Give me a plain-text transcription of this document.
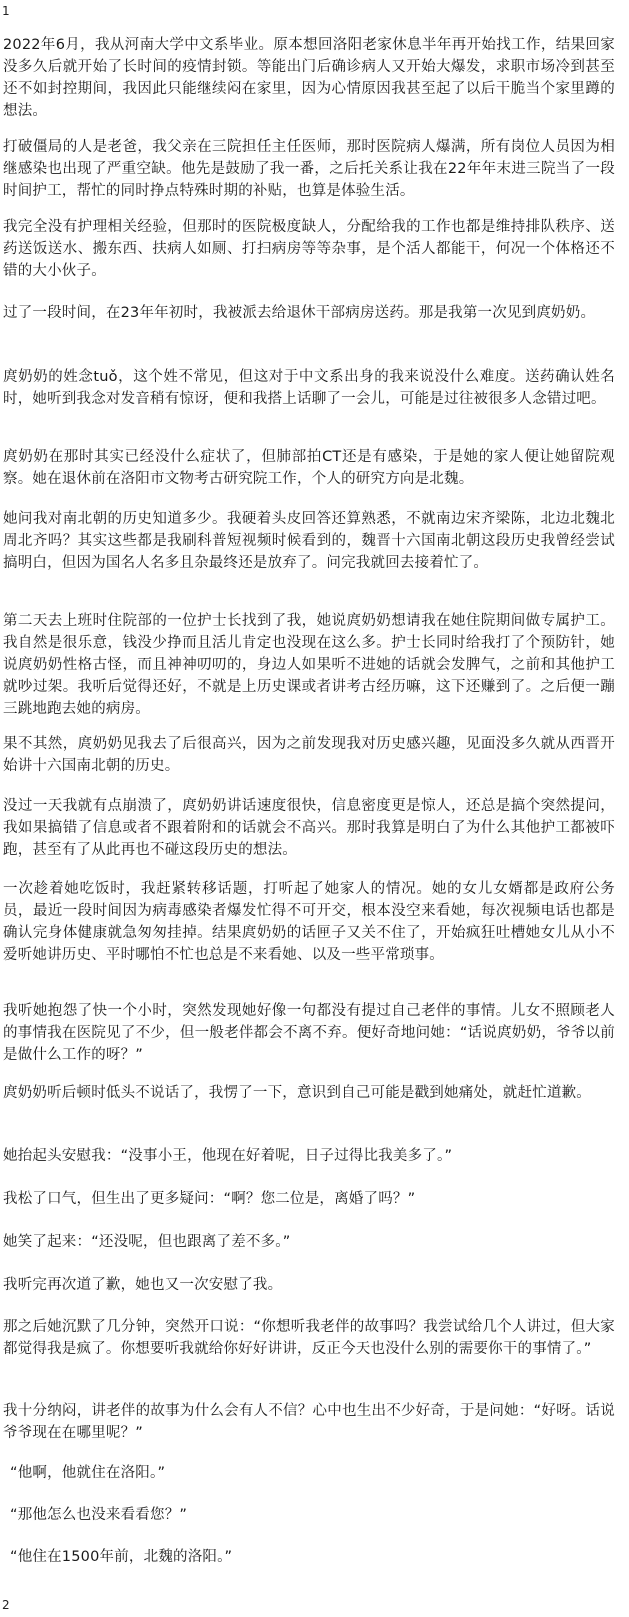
1

2022年6月，我从河南大学中文系毕业。原本想回洛阳老家休息半年再开始找工作，结果回家没多久后就开始了长时间的疫情封锁。等能出门后确诊病人又开始大爆发，求职市场冷到甚至还不如封控期间，我因此只能继续闷在家里，因为心情原因我甚至起了以后干脆当个家里蹲的想法。

打破僵局的人是老爸，我父亲在三院担任主任医师，那时医院病人爆满，所有岗位人员因为相继感染也出现了严重空缺。他先是鼓励了我一番，之后托关系让我在22年年末进三院当了一段时间护工，帮忙的同时挣点特殊时期的补贴，也算是体验生活。

我完全没有护理相关经验，但那时的医院极度缺人，分配给我的工作也都是维持排队秩序、送药送饭送水、搬东西、扶病人如厕、打扫病房等等杂事，是个活人都能干，何况一个体格还不错的大小伙子。

过了一段时间，在23年年初时，我被派去给退休干部病房送药。那是我第一次见到庹奶奶。

庹奶奶的姓念tuǒ，这个姓不常见，但这对于中文系出身的我来说没什么难度。送药确认姓名时，她听到我念对发音稍有惊讶，便和我搭上话聊了一会儿，可能是过往被很多人念错过吧。

庹奶奶在那时其实已经没什么症状了，但肺部拍CT还是有感染，于是她的家人便让她留院观察。她在退休前在洛阳市文物考古研究院工作，个人的研究方向是北魏。

她问我对南北朝的历史知道多少。我硬着头皮回答还算熟悉，不就南边宋齐梁陈，北边北魏北周北齐吗？其实这些都是我刷科普短视频时候看到的，魏晋十六国南北朝这段历史我曾经尝试搞明白，但因为国名人名多且杂最终还是放弃了。问完我就回去接着忙了。

第二天去上班时住院部的一位护士长找到了我，她说庹奶奶想请我在她住院期间做专属护工。我自然是很乐意，钱没少挣而且活儿肯定也没现在这么多。护士长同时给我打了个预防针，她说庹奶奶性格古怪，而且神神叨叨的，身边人如果听不进她的话就会发脾气，之前和其他护工就吵过架。我听后觉得还好，不就是上历史课或者讲考古经历嘛，这下还赚到了。之后便一蹦三跳地跑去她的病房。

果不其然，庹奶奶见我去了后很高兴，因为之前发现我对历史感兴趣，见面没多久就从西晋开始讲十六国南北朝的历史。

没过一天我就有点崩溃了，庹奶奶讲话速度很快，信息密度更是惊人，还总是搞个突然提问，我如果搞错了信息或者不跟着附和的话就会不高兴。那时我算是明白了为什么其他护工都被吓跑，甚至有了从此再也不碰这段历史的想法。

一次趁着她吃饭时，我赶紧转移话题，打听起了她家人的情况。她的女儿女婿都是政府公务员，最近一段时间因为病毒感染者爆发忙得不可开交，根本没空来看她，每次视频电话也都是确认完身体健康就急匆匆挂掉。结果庹奶奶的话匣子又关不住了，开始疯狂吐槽她女儿从小不爱听她讲历史、平时哪怕不忙也总是不来看她、以及一些平常琐事。

我听她抱怨了快一个小时，突然发现她好像一句都没有提过自己老伴的事情。儿女不照顾老人的事情我在医院见了不少，但一般老伴都会不离不弃。便好奇地问她：“话说庹奶奶，爷爷以前是做什么工作的呀？”

庹奶奶听后顿时低头不说话了，我愣了一下，意识到自己可能是戳到她痛处，就赶忙道歉。

她抬起头安慰我：“没事小王，他现在好着呢，日子过得比我美多了。”

我松了口气，但生出了更多疑问：“啊？您二位是，离婚了吗？”

她笑了起来：“还没呢，但也跟离了差不多。”

我听完再次道了歉，她也又一次安慰了我。

那之后她沉默了几分钟，突然开口说：“你想听我老伴的故事吗？我尝试给几个人讲过，但大家都觉得我是疯了。你想要听我就给你好好讲讲，反正今天也没什么别的需要你干的事情了。”

我十分纳闷，讲老伴的故事为什么会有人不信？心中也生出不少好奇，于是问她：“好呀。话说爷爷现在在哪里呢？”

“他啊，他就住在洛阳。”

“那他怎么也没来看看您？”

“他住在1500年前，北魏的洛阳。”

2
